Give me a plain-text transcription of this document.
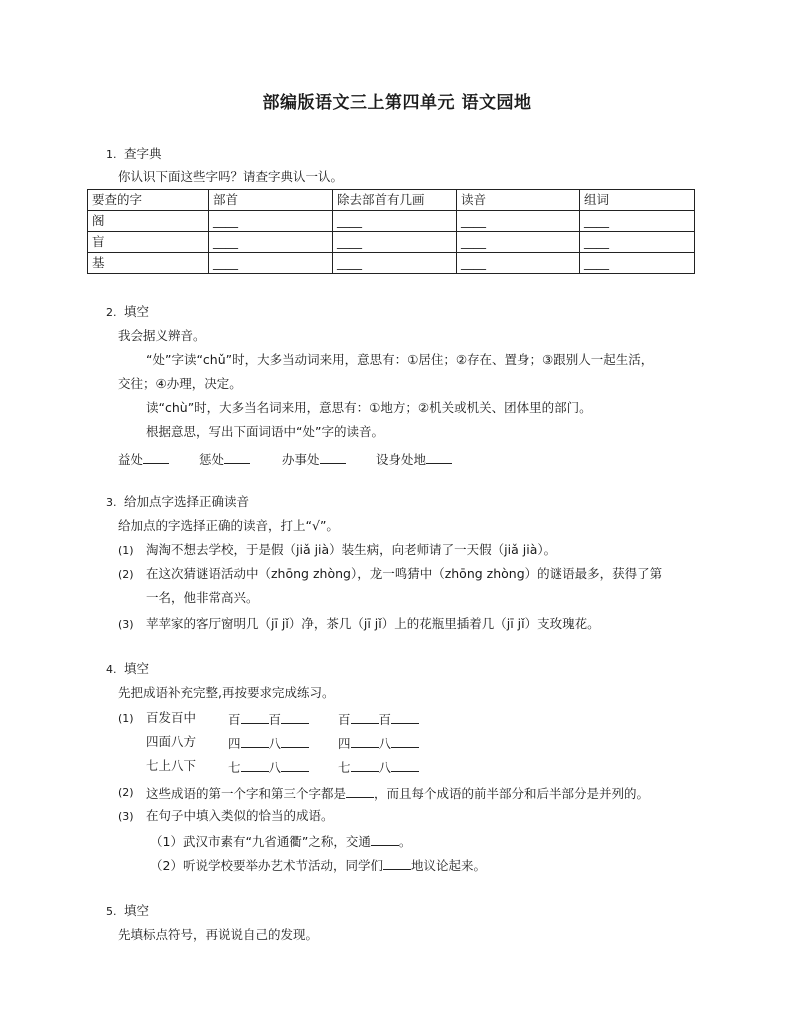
部编版语文三上第四单元 语文园地
1. 查字典
你认识下面这些字吗？请查字典认一认。
要查的字	部首	除去部首有几画	读音	组词
阁	____	____	____	____
盲	____	____	____	____
基	____	____	____	____
2. 填空
我会据义辨音。
“处”字读“chǔ”时，大多当动词来用，意思有：①居住；②存在、置身；③跟别人一起生活，
交往；④办理，决定。
读“chù”时，大多当名词来用，意思有：①地方；②机关或机关、团体里的部门。
根据意思，写出下面词语中“处”字的读音。
益处	惩处	办事处	设身处地
3. 给加点字选择正确读音
给加点的字选择正确的读音，打上“√”。
(1) 淘淘不想去学校，于是假（jiǎ jià）装生病，向老师请了一天假（jiǎ jià）。
(2) 在这次猜谜语活动中（zhōng zhòng），龙一鸣猜中（zhōng zhòng）的谜语最多，获得了第
一名，他非常高兴。
(3) 苹苹家的客厅窗明几（jī jǐ）净，茶几（jī jǐ）上的花瓶里插着几（jī jǐ）支玫瑰花。
4. 填空
先把成语补充完整,再按要求完成练习。
(1) 百发百中	百 百	百 百
四面八方	四 八	四 八
七上八下	七 八	七 八
(2) 这些成语的第一个字和第三个字都是 ，而且每个成语的前半部分和后半部分是并列的。
(3) 在句子中填入类似的恰当的成语。
（1）武汉市素有“九省通衢”之称，交通 。
（2）听说学校要举办艺术节活动，同学们 地议论起来。
5. 填空
先填标点符号，再说说自己的发现。
